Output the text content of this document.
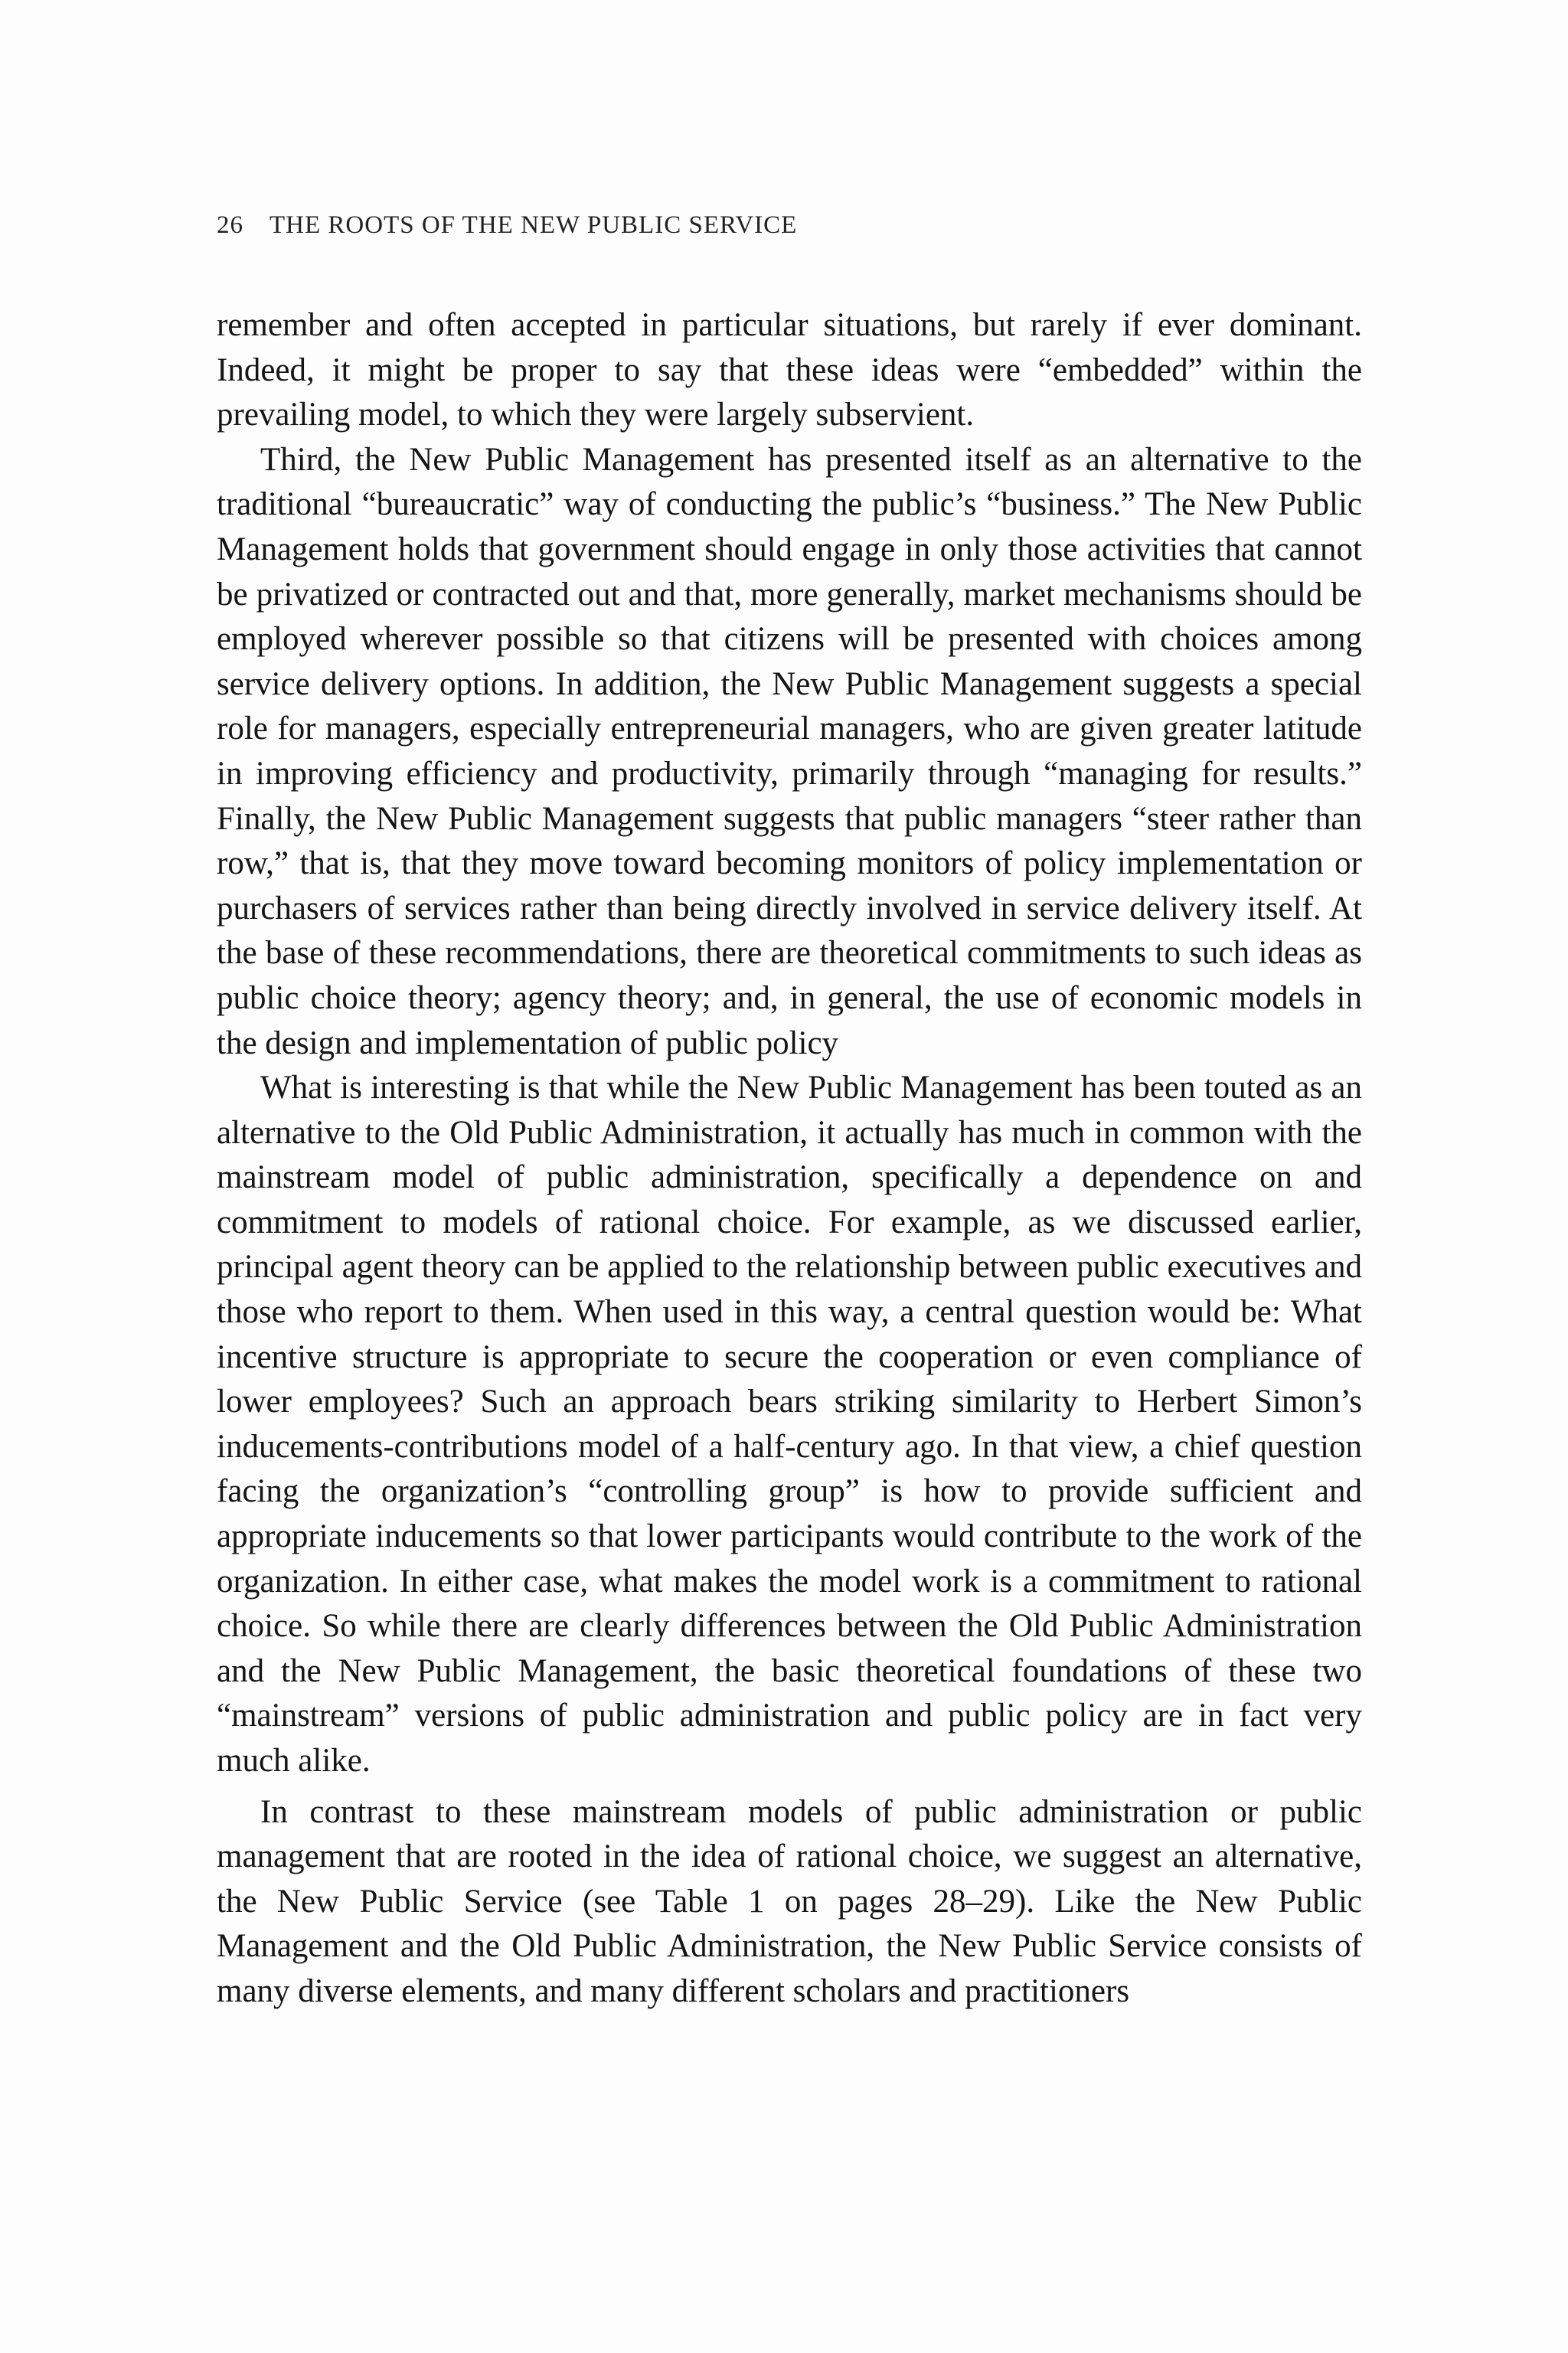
26 THE ROOTS OF THE NEW PUBLIC SERVICE

remember and often accepted in particular situations, but rarely if ever dominant. Indeed, it might be proper to say that these ideas were “embedded” within the prevailing model, to which they were largely subservient.

Third, the New Public Management has presented itself as an alternative to the traditional “bureaucratic” way of conducting the public’s “business.” The New Public Management holds that government should engage in only those activities that cannot be privatized or contracted out and that, more generally, market mechanisms should be employed wherever possible so that citizens will be presented with choices among service delivery options. In addition, the New Public Management suggests a special role for managers, especially entrepreneurial managers, who are given greater latitude in improving efficiency and productivity, primarily through “managing for results.” Finally, the New Public Management suggests that public managers “steer rather than row,” that is, that they move toward becoming monitors of policy implementation or purchasers of services rather than being directly involved in service delivery itself. At the base of these recommendations, there are theoretical commitments to such ideas as public choice theory; agency theory; and, in general, the use of economic models in the design and implementation of public policy

What is interesting is that while the New Public Management has been touted as an alternative to the Old Public Administration, it actually has much in common with the mainstream model of public administration, specifically a dependence on and commitment to models of rational choice. For example, as we discussed earlier, principal agent theory can be applied to the relationship between public executives and those who report to them. When used in this way, a central question would be: What incentive structure is appropriate to secure the cooperation or even compliance of lower employees? Such an approach bears striking similarity to Herbert Simon’s inducements-contributions model of a half-century ago. In that view, a chief question facing the organization’s “controlling group” is how to provide sufficient and appropriate inducements so that lower participants would contribute to the work of the organization. In either case, what makes the model work is a commitment to rational choice. So while there are clearly differences between the Old Public Administration and the New Public Management, the basic theoretical foundations of these two “mainstream” versions of public administration and public policy are in fact very much alike.

In contrast to these mainstream models of public administration or public management that are rooted in the idea of rational choice, we suggest an alternative, the New Public Service (see Table 1 on pages 28–29). Like the New Public Management and the Old Public Administration, the New Public Service consists of many diverse elements, and many different scholars and practitioners
